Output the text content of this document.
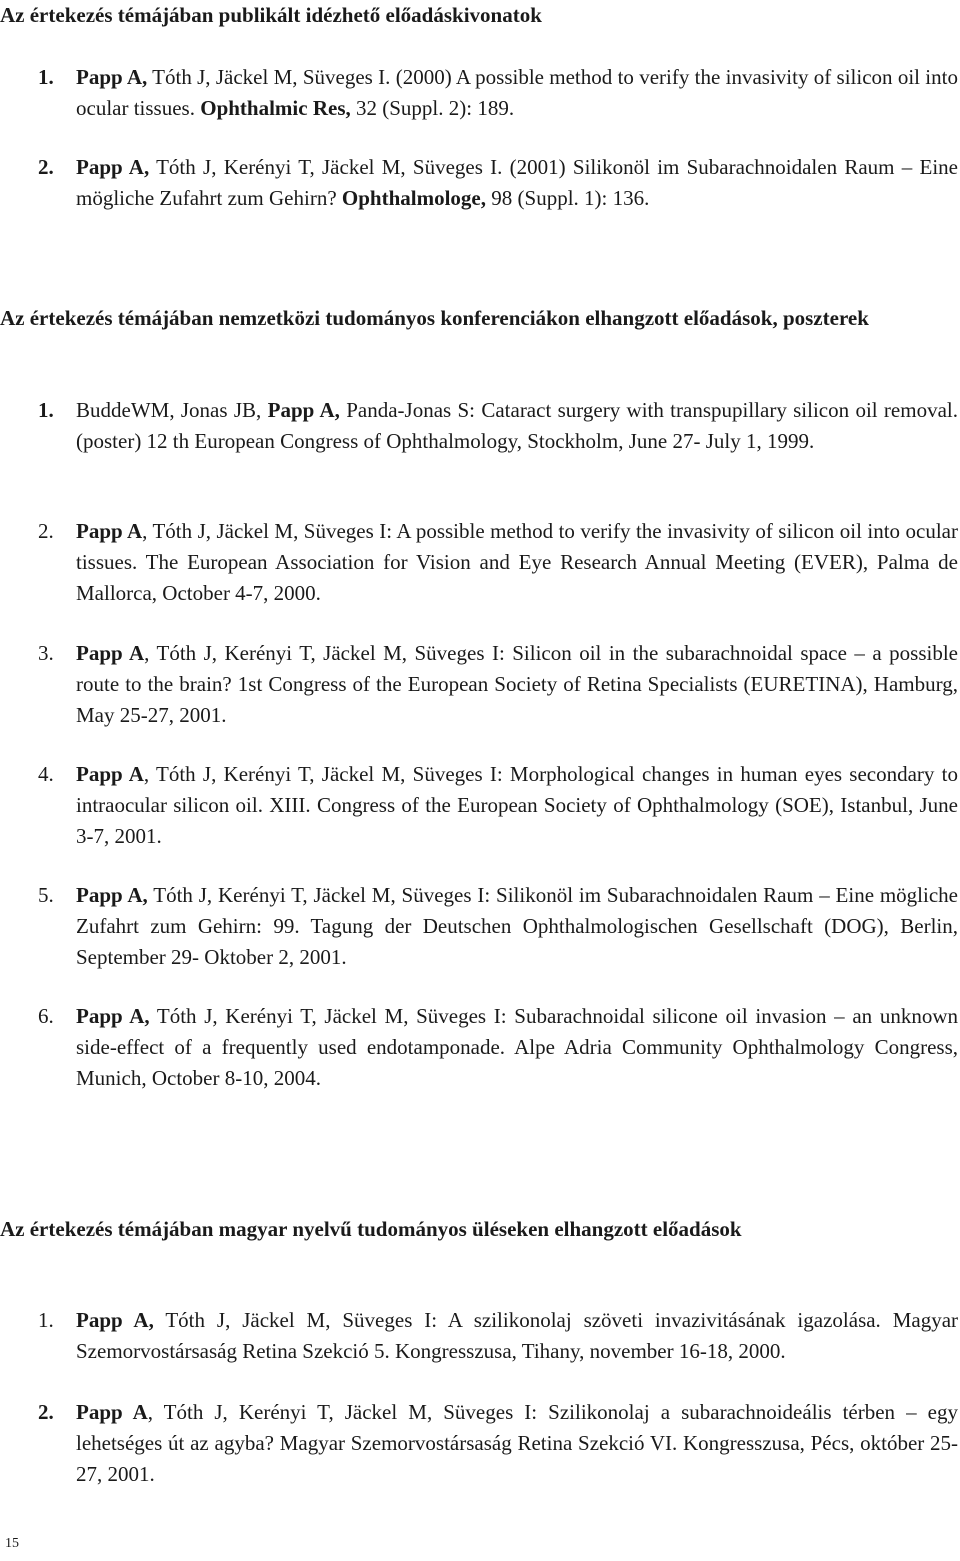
Az értekezés témájában publikált idézhető előadáskivonatok
1. Papp A, Tóth J, Jäckel M, Süveges I. (2000) A possible method to verify the invasivity of silicon oil into ocular tissues. Ophthalmic Res, 32 (Suppl. 2): 189.
2. Papp A, Tóth J, Kerényi T, Jäckel M, Süveges I. (2001) Silikonöl im Subarachnoidalen Raum – Eine mögliche Zufahrt zum Gehirn? Ophthalmologe, 98 (Suppl. 1): 136.
Az értekezés témájában nemzetközi tudományos konferenciákon elhangzott előadások, poszterek
1. BuddeWM, Jonas JB, Papp A, Panda-Jonas S: Cataract surgery with transpupillary silicon oil removal. (poster) 12 th European Congress of Ophthalmology, Stockholm, June 27- July 1, 1999.
2. Papp A, Tóth J, Jäckel M, Süveges I: A possible method to verify the invasivity of silicon oil into ocular tissues. The European Association for Vision and Eye Research Annual Meeting (EVER), Palma de Mallorca, October 4-7, 2000.
3. Papp A, Tóth J, Kerényi T, Jäckel M, Süveges I: Silicon oil in the subarachnoidal space – a possible route to the brain? 1st Congress of the European Society of Retina Specialists (EURETINA), Hamburg, May 25-27, 2001.
4. Papp A, Tóth J, Kerényi T, Jäckel M, Süveges I: Morphological changes in human eyes secondary to intraocular silicon oil. XIII. Congress of the European Society of Ophthalmology (SOE), Istanbul, June 3-7, 2001.
5. Papp A, Tóth J, Kerényi T, Jäckel M, Süveges I: Silikonöl im Subarachnoidalen Raum – Eine mögliche Zufahrt zum Gehirn: 99. Tagung der Deutschen Ophthalmologischen Gesellschaft (DOG), Berlin, September 29- Oktober 2, 2001.
6. Papp A, Tóth J, Kerényi T, Jäckel M, Süveges I: Subarachnoidal silicone oil invasion – an unknown side-effect of a frequently used endotamponade. Alpe Adria Community Ophthalmology Congress, Munich, October 8-10, 2004.
Az értekezés témájában magyar nyelvű tudományos üléseken elhangzott előadások
1. Papp A, Tóth J, Jäckel M, Süveges I: A szilikonolaj szöveti invazivitásának igazolása. Magyar Szemorvostársaság Retina Szekció 5. Kongresszusa, Tihany, november 16-18, 2000.
2. Papp A, Tóth J, Kerényi T, Jäckel M, Süveges I: Szilikonolaj a subarachnoideális térben – egy lehetséges út az agyba? Magyar Szemorvostársaság Retina Szekció VI. Kongresszusa, Pécs, október 25-27, 2001.
15
